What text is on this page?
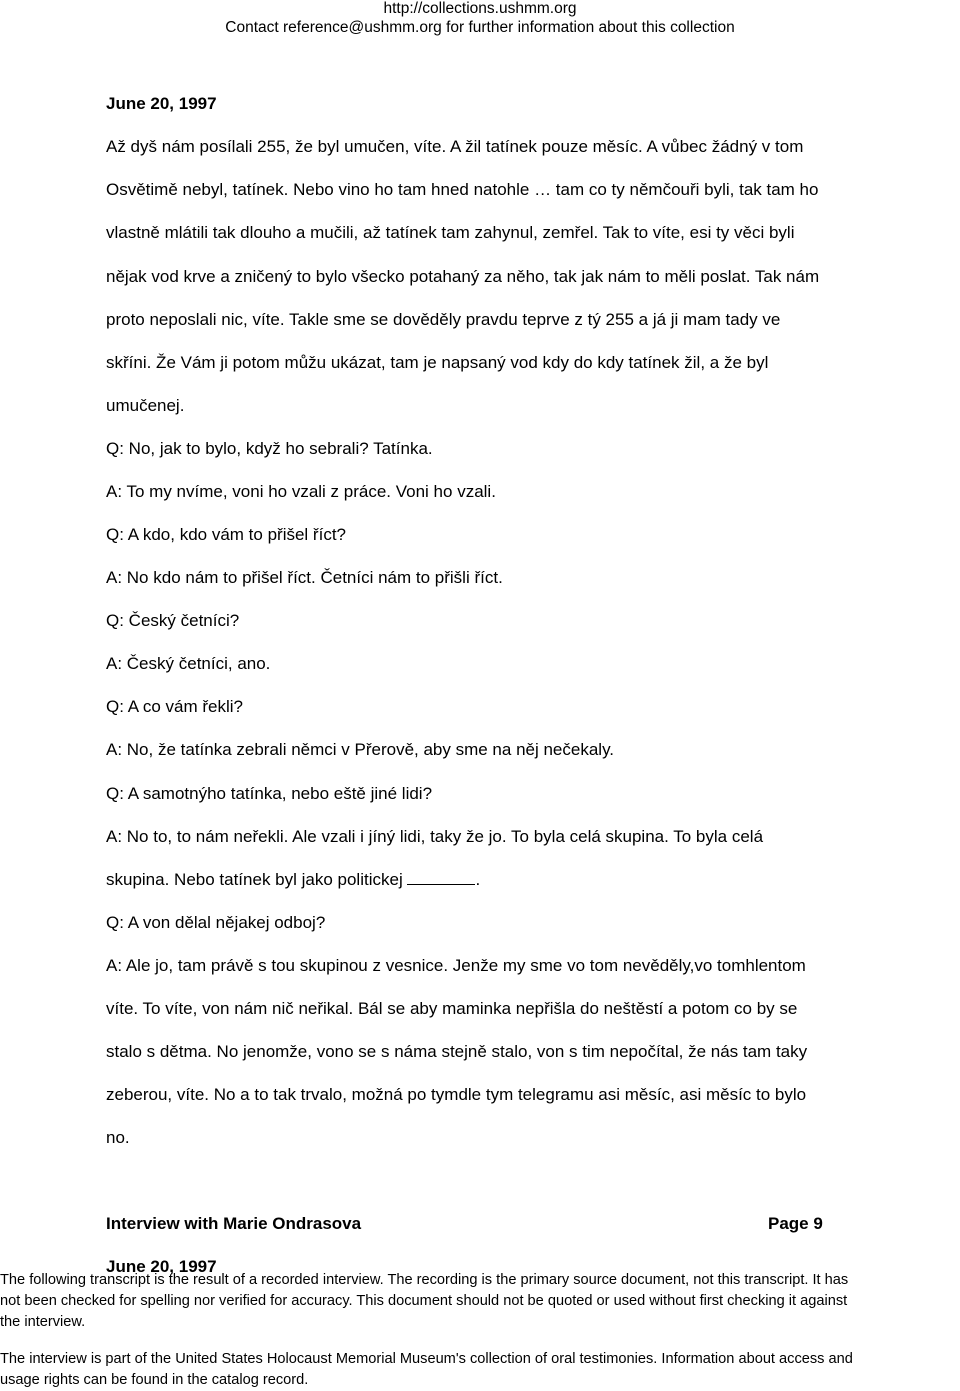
http://collections.ushmm.org
Contact reference@ushmm.org for further information about this collection
June 20, 1997
Až dyš nám posílali 255, že byl umučen, víte. A žil tatínek pouze měsíc. A vůbec žádný v tom
Osvětimě nebyl, tatínek. Nebo vino ho tam hned natohle … tam co ty němčouři byli, tak tam ho
vlastně mlátili tak dlouho a mučili, až tatínek tam zahynul, zemřel. Tak to víte, esi ty věci byli
nějak vod krve a zničený to bylo všecko potahaný za něho, tak jak nám to měli poslat. Tak nám
proto neposlali nic, víte. Takle sme se dověděly pravdu teprve z tý 255 a já ji mam tady ve
skříni. Že Vám ji potom můžu ukázat, tam je napsaný vod kdy do kdy tatínek žil, a že byl
umučenej.
Q: No, jak to bylo, když ho sebrali? Tatínka.
A: To my nvíme, voni ho vzali z práce. Voni ho vzali.
Q: A kdo, kdo vám to přišel říct?
A: No kdo nám to přišel říct. Četníci nám to přišli říct.
Q: Český četníci?
A: Český četníci, ano.
Q: A co vám řekli?
A: No, že tatínka zebrali němci v Přerově, aby sme na něj nečekaly.
Q: A samotnýho tatínka, nebo eště jiné lidi?
A: No to, to nám neřekli. Ale vzali i jíný lidi, taky že jo. To byla celá skupina. To byla celá
skupina. Nebo tatínek byl jako politickej	.
Q: A von dělal nějakej odboj?
A: Ale jo, tam právě s tou skupinou z vesnice. Jenže my sme vo tom nevěděly,vo tomhlentom
víte. To víte, von nám nič neřikal. Bál se aby maminka nepřišla do neštěstí a potom co by se
stalo s dětma. No jenomže, vono se s náma stejně stalo, von s tim nepočítal, že nás tam taky
zeberou, víte. No a to tak trvalo, možná po tymdle tym telegramu asi měsíc, asi měsíc to bylo
no.
Interview with Marie Ondrasova	Page 9
June 20, 1997
The following transcript is the result of a recorded interview. The recording is the primary source document, not this transcript. It has
not been checked for spelling nor verified for accuracy. This document should not be quoted or used without first checking it against
the interview.
The interview is part of the United States Holocaust Memorial Museum's collection of oral testimonies. Information about access and
usage rights can be found in the catalog record.
